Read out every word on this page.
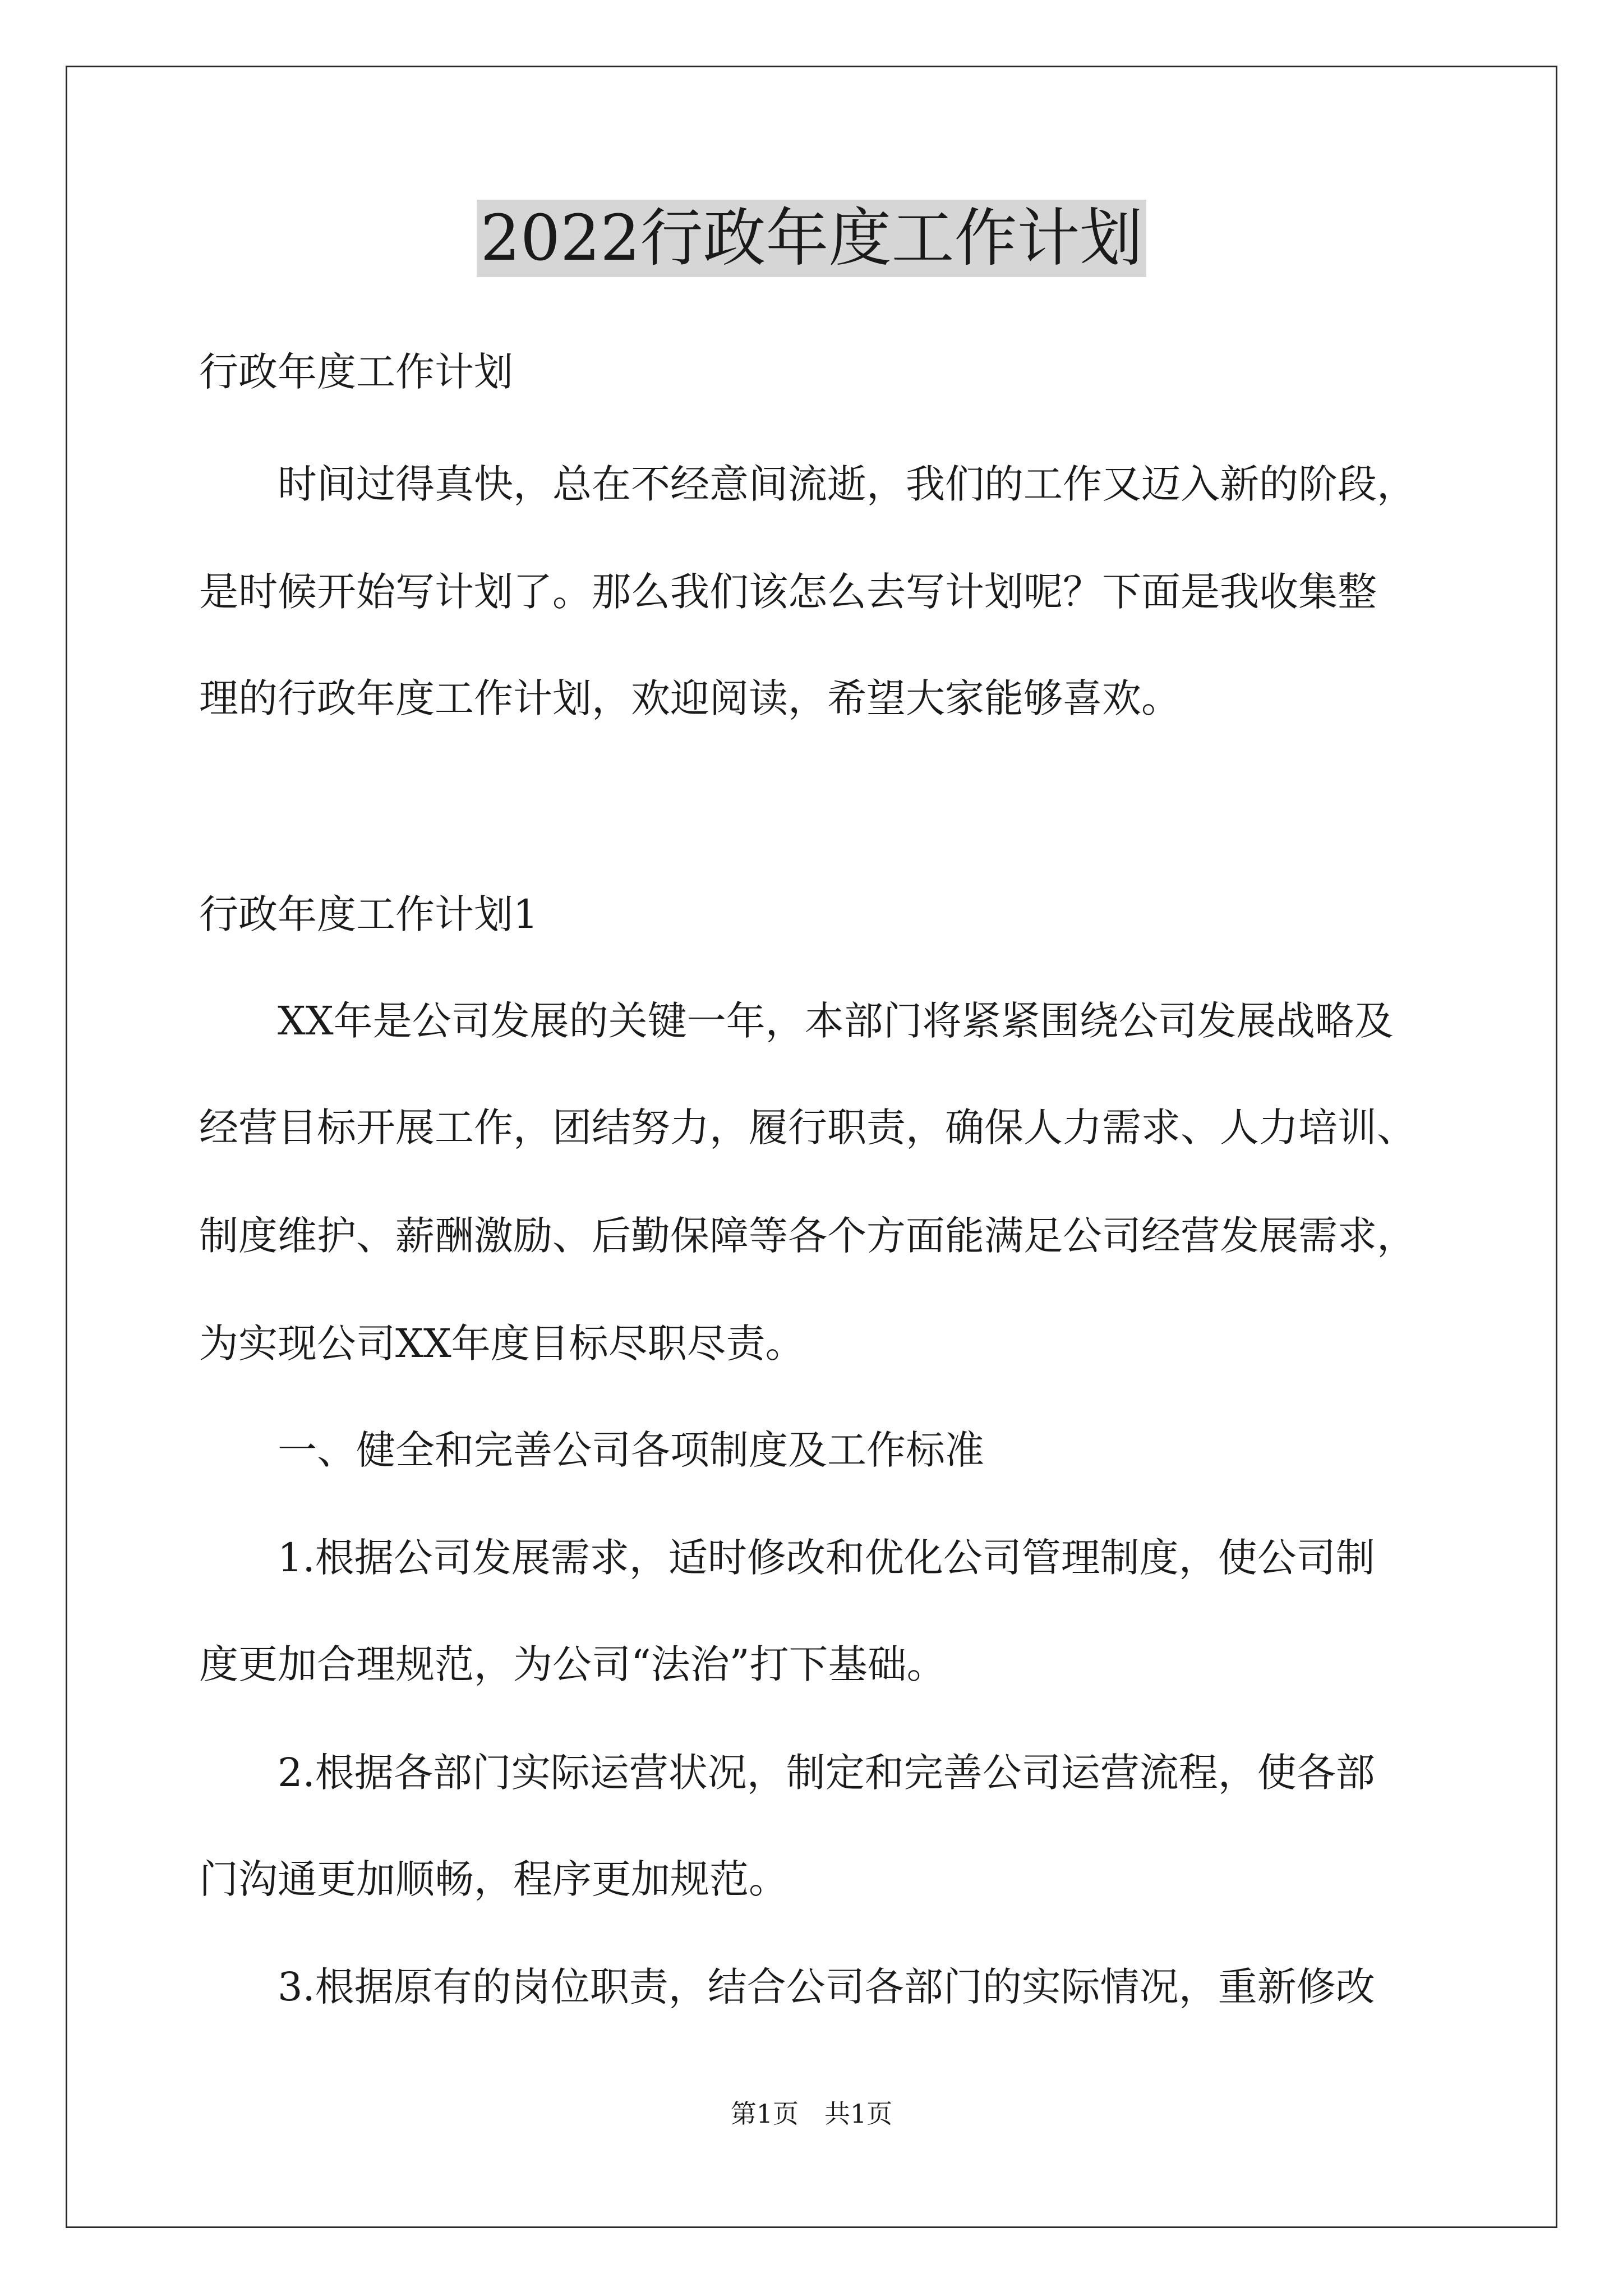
2022行政年度工作计划
行政年度工作计划
时间过得真快，总在不经意间流逝，我们的工作又迈入新的阶段，
是时候开始写计划了。那么我们该怎么去写计划呢？下面是我收集整
理的行政年度工作计划，欢迎阅读，希望大家能够喜欢。
行政年度工作计划1
XX年是公司发展的关键一年，本部门将紧紧围绕公司发展战略及
经营目标开展工作，团结努力，履行职责，确保人力需求、人力培训、
制度维护、薪酬激励、后勤保障等各个方面能满足公司经营发展需求，
为实现公司XX年度目标尽职尽责。
一、健全和完善公司各项制度及工作标准
1.根据公司发展需求，适时修改和优化公司管理制度，使公司制
度更加合理规范，为公司“法治”打下基础。
2.根据各部门实际运营状况，制定和完善公司运营流程，使各部
门沟通更加顺畅，程序更加规范。
3.根据原有的岗位职责，结合公司各部门的实际情况，重新修改
第1页　共1页
